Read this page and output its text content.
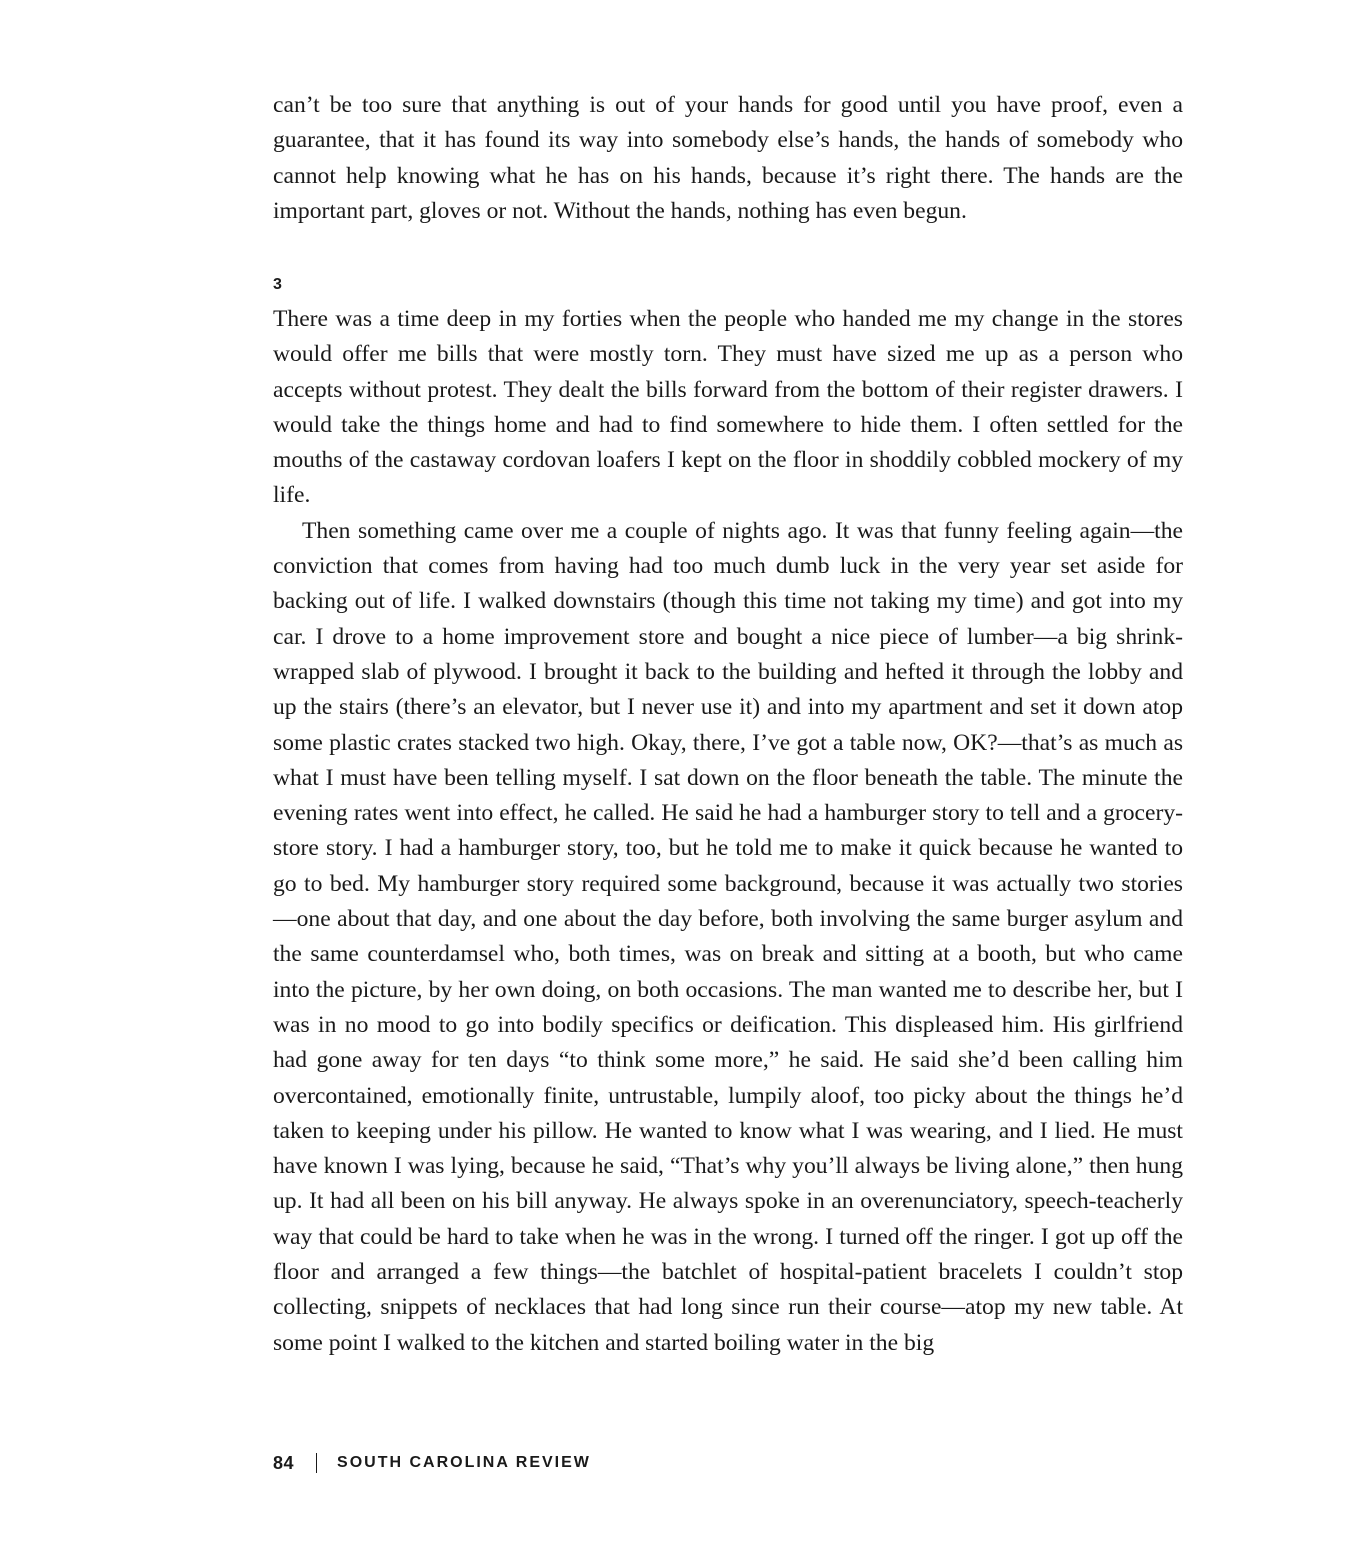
can’t be too sure that anything is out of your hands for good until you have proof, even a guarantee, that it has found its way into somebody else’s hands, the hands of somebody who cannot help knowing what he has on his hands, because it’s right there. The hands are the important part, gloves or not. Without the hands, nothing has even begun.

3

There was a time deep in my forties when the people who handed me my change in the stores would offer me bills that were mostly torn. They must have sized me up as a person who accepts without protest. They dealt the bills forward from the bottom of their register drawers. I would take the things home and had to find somewhere to hide them. I often settled for the mouths of the castaway cordovan loafers I kept on the floor in shoddily cobbled mockery of my life.

Then something came over me a couple of nights ago. It was that funny feeling again—the conviction that comes from having had too much dumb luck in the very year set aside for backing out of life. I walked downstairs (though this time not taking my time) and got into my car. I drove to a home improvement store and bought a nice piece of lumber—a big shrink-wrapped slab of plywood. I brought it back to the building and hefted it through the lobby and up the stairs (there’s an elevator, but I never use it) and into my apartment and set it down atop some plastic crates stacked two high. Okay, there, I’ve got a table now, OK?—that’s as much as what I must have been telling myself. I sat down on the floor beneath the table. The minute the evening rates went into effect, he called. He said he had a hamburger story to tell and a grocery-store story. I had a hamburger story, too, but he told me to make it quick because he wanted to go to bed. My hamburger story required some background, because it was actually two stories—one about that day, and one about the day before, both involving the same burger asylum and the same counterdamsel who, both times, was on break and sitting at a booth, but who came into the picture, by her own doing, on both occasions. The man wanted me to describe her, but I was in no mood to go into bodily specifics or deification. This displeased him. His girlfriend had gone away for ten days “to think some more,” he said. He said she’d been calling him overcontained, emotionally finite, untrustable, lumpily aloof, too picky about the things he’d taken to keeping under his pillow. He wanted to know what I was wearing, and I lied. He must have known I was lying, because he said, “That’s why you’ll always be living alone,” then hung up. It had all been on his bill anyway. He always spoke in an overenunciatory, speech-teacherly way that could be hard to take when he was in the wrong. I turned off the ringer. I got up off the floor and arranged a few things—the batchlet of hospital-patient bracelets I couldn’t stop collecting, snippets of necklaces that had long since run their course—atop my new table. At some point I walked to the kitchen and started boiling water in the big

84	SOUTH CAROLINA REVIEW
